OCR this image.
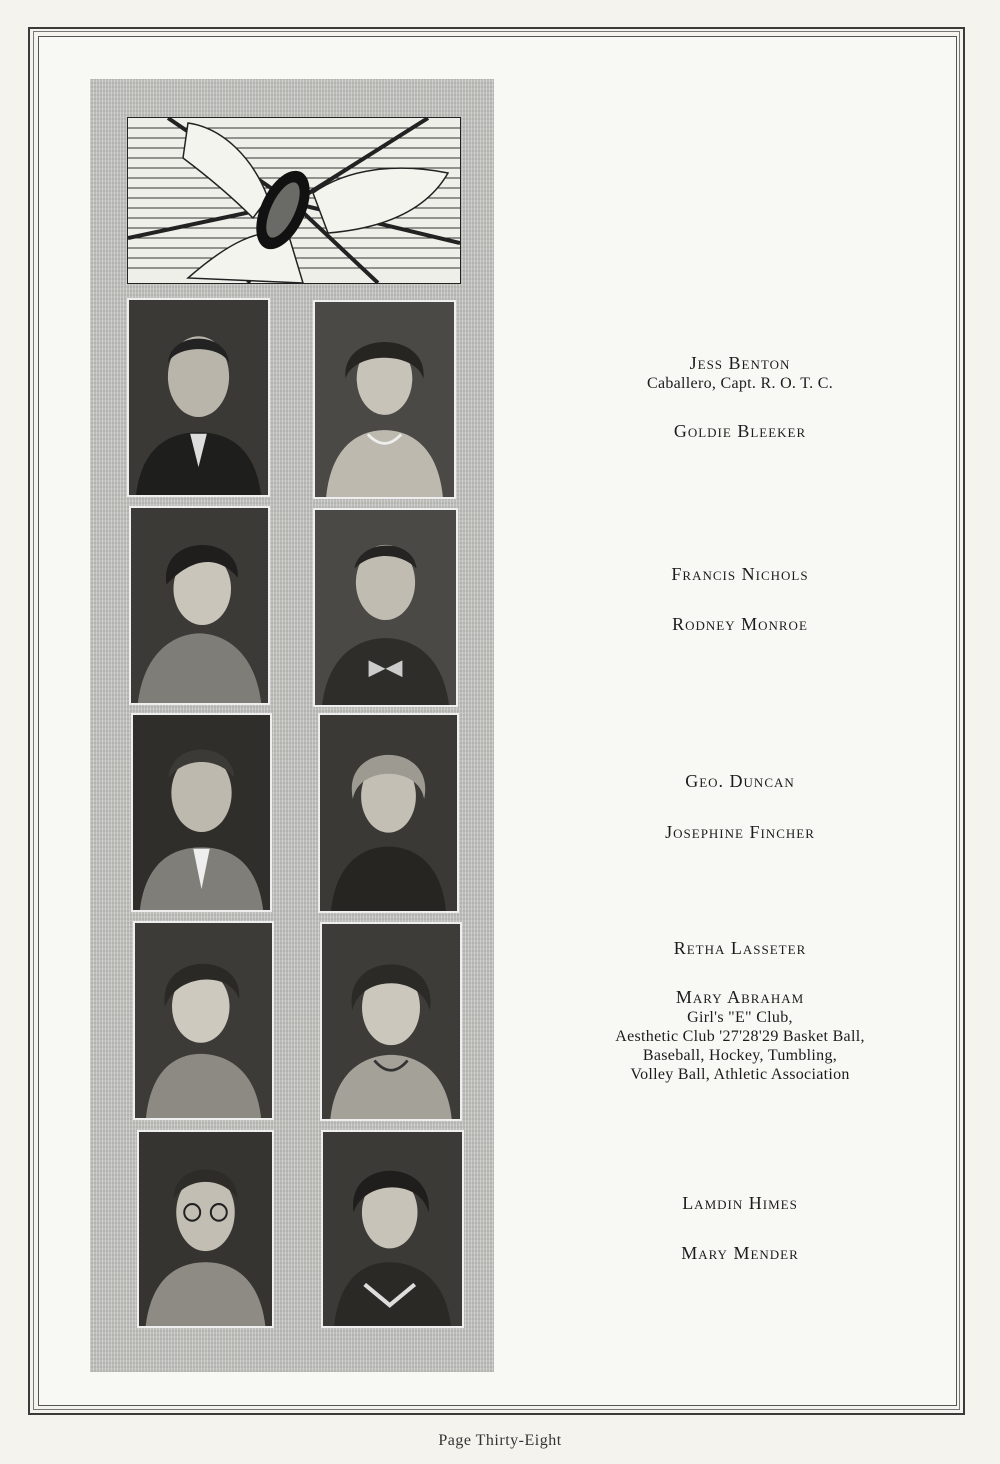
Jess Benton
Caballero, Capt. R. O. T. C.
Goldie Bleeker
Francis Nichols
Rodney Monroe
Geo. Duncan
Josephine Fincher
Retha Lasseter
Mary Abraham
Girl's "E" Club,
Aesthetic Club '27'28'29 Basket Ball,
Baseball, Hockey, Tumbling,
Volley Ball, Athletic Association
Lamdin Himes
Mary Mender
Page Thirty-Eight
